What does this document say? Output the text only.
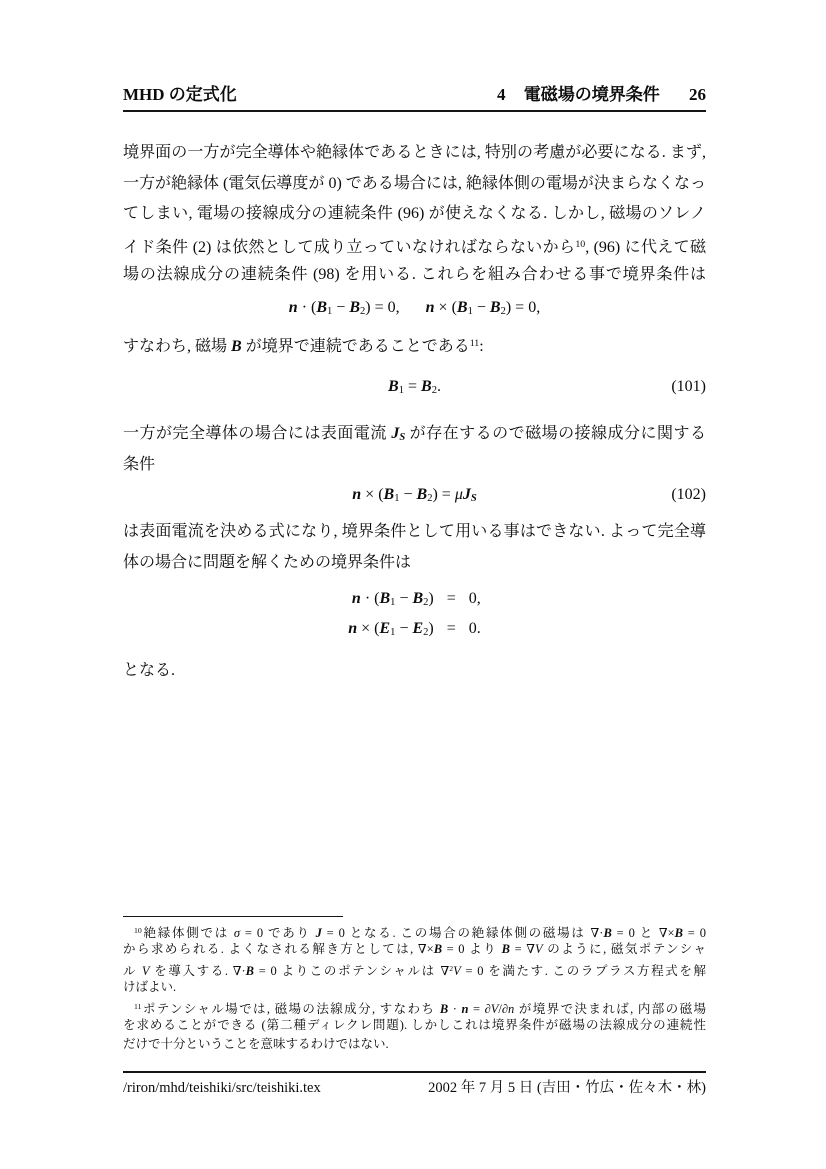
MHD の定式化	4 電磁場の境界条件 26
境界面の一方が完全導体や絶縁体であるときには, 特別の考慮が必要になる. まず,
一方が絶縁体 (電気伝導度が 0) である場合には, 絶縁体側の電場が決まらなくなっ
てしまい, 電場の接線成分の連続条件 (96) が使えなくなる. しかし, 磁場のソレノ
イド条件 (2) は依然として成り立っていなければならないから$^{10}$, (96) に代えて磁
場の法線成分の連続条件 (98) を用いる. これらを組み合わせる事で境界条件は
n · (B1 − B2) = 0, n × (B1 − B2) = 0,
すなわち, 磁場 B が境界で連続であることである$^{11}$:
B1 = B2.	(101)
一方が完全導体の場合には表面電流 JS が存在するので磁場の接線成分に関する
条件
n × (B1 − B2) = μJS	(102)
は表面電流を決める式になり, 境界条件として用いる事はできない. よって完全導
体の場合に問題を解くための境界条件は
n · (B1 − B2) = 0,
n × (E1 − E2) = 0.
となる.
$^{10}$絶縁体側では σ = 0 であり J = 0 となる. この場合の絶縁体側の磁場は ∇·B = 0 と ∇×B = 0
から求められる. よくなされる解き方としては, ∇×B = 0 より B = ∇V のように, 磁気ポテンシャ
ル V を導入する. ∇·B = 0 よりこのポテンシャルは ∇$^2$V = 0 を満たす. このラプラス方程式を解
けばよい.
$^{11}$ポテンシャル場では, 磁場の法線成分, すなわち B · n = ∂V/∂n が境界で決まれば, 内部の磁場
を求めることができる (第二種ディレクレ問題). しかしこれは境界条件が磁場の法線成分の連続性
だけで十分ということを意味するわけではない.
/riron/mhd/teishiki/src/teishiki.tex	2002 年 7 月 5 日 (吉田・竹広・佐々木・林)
